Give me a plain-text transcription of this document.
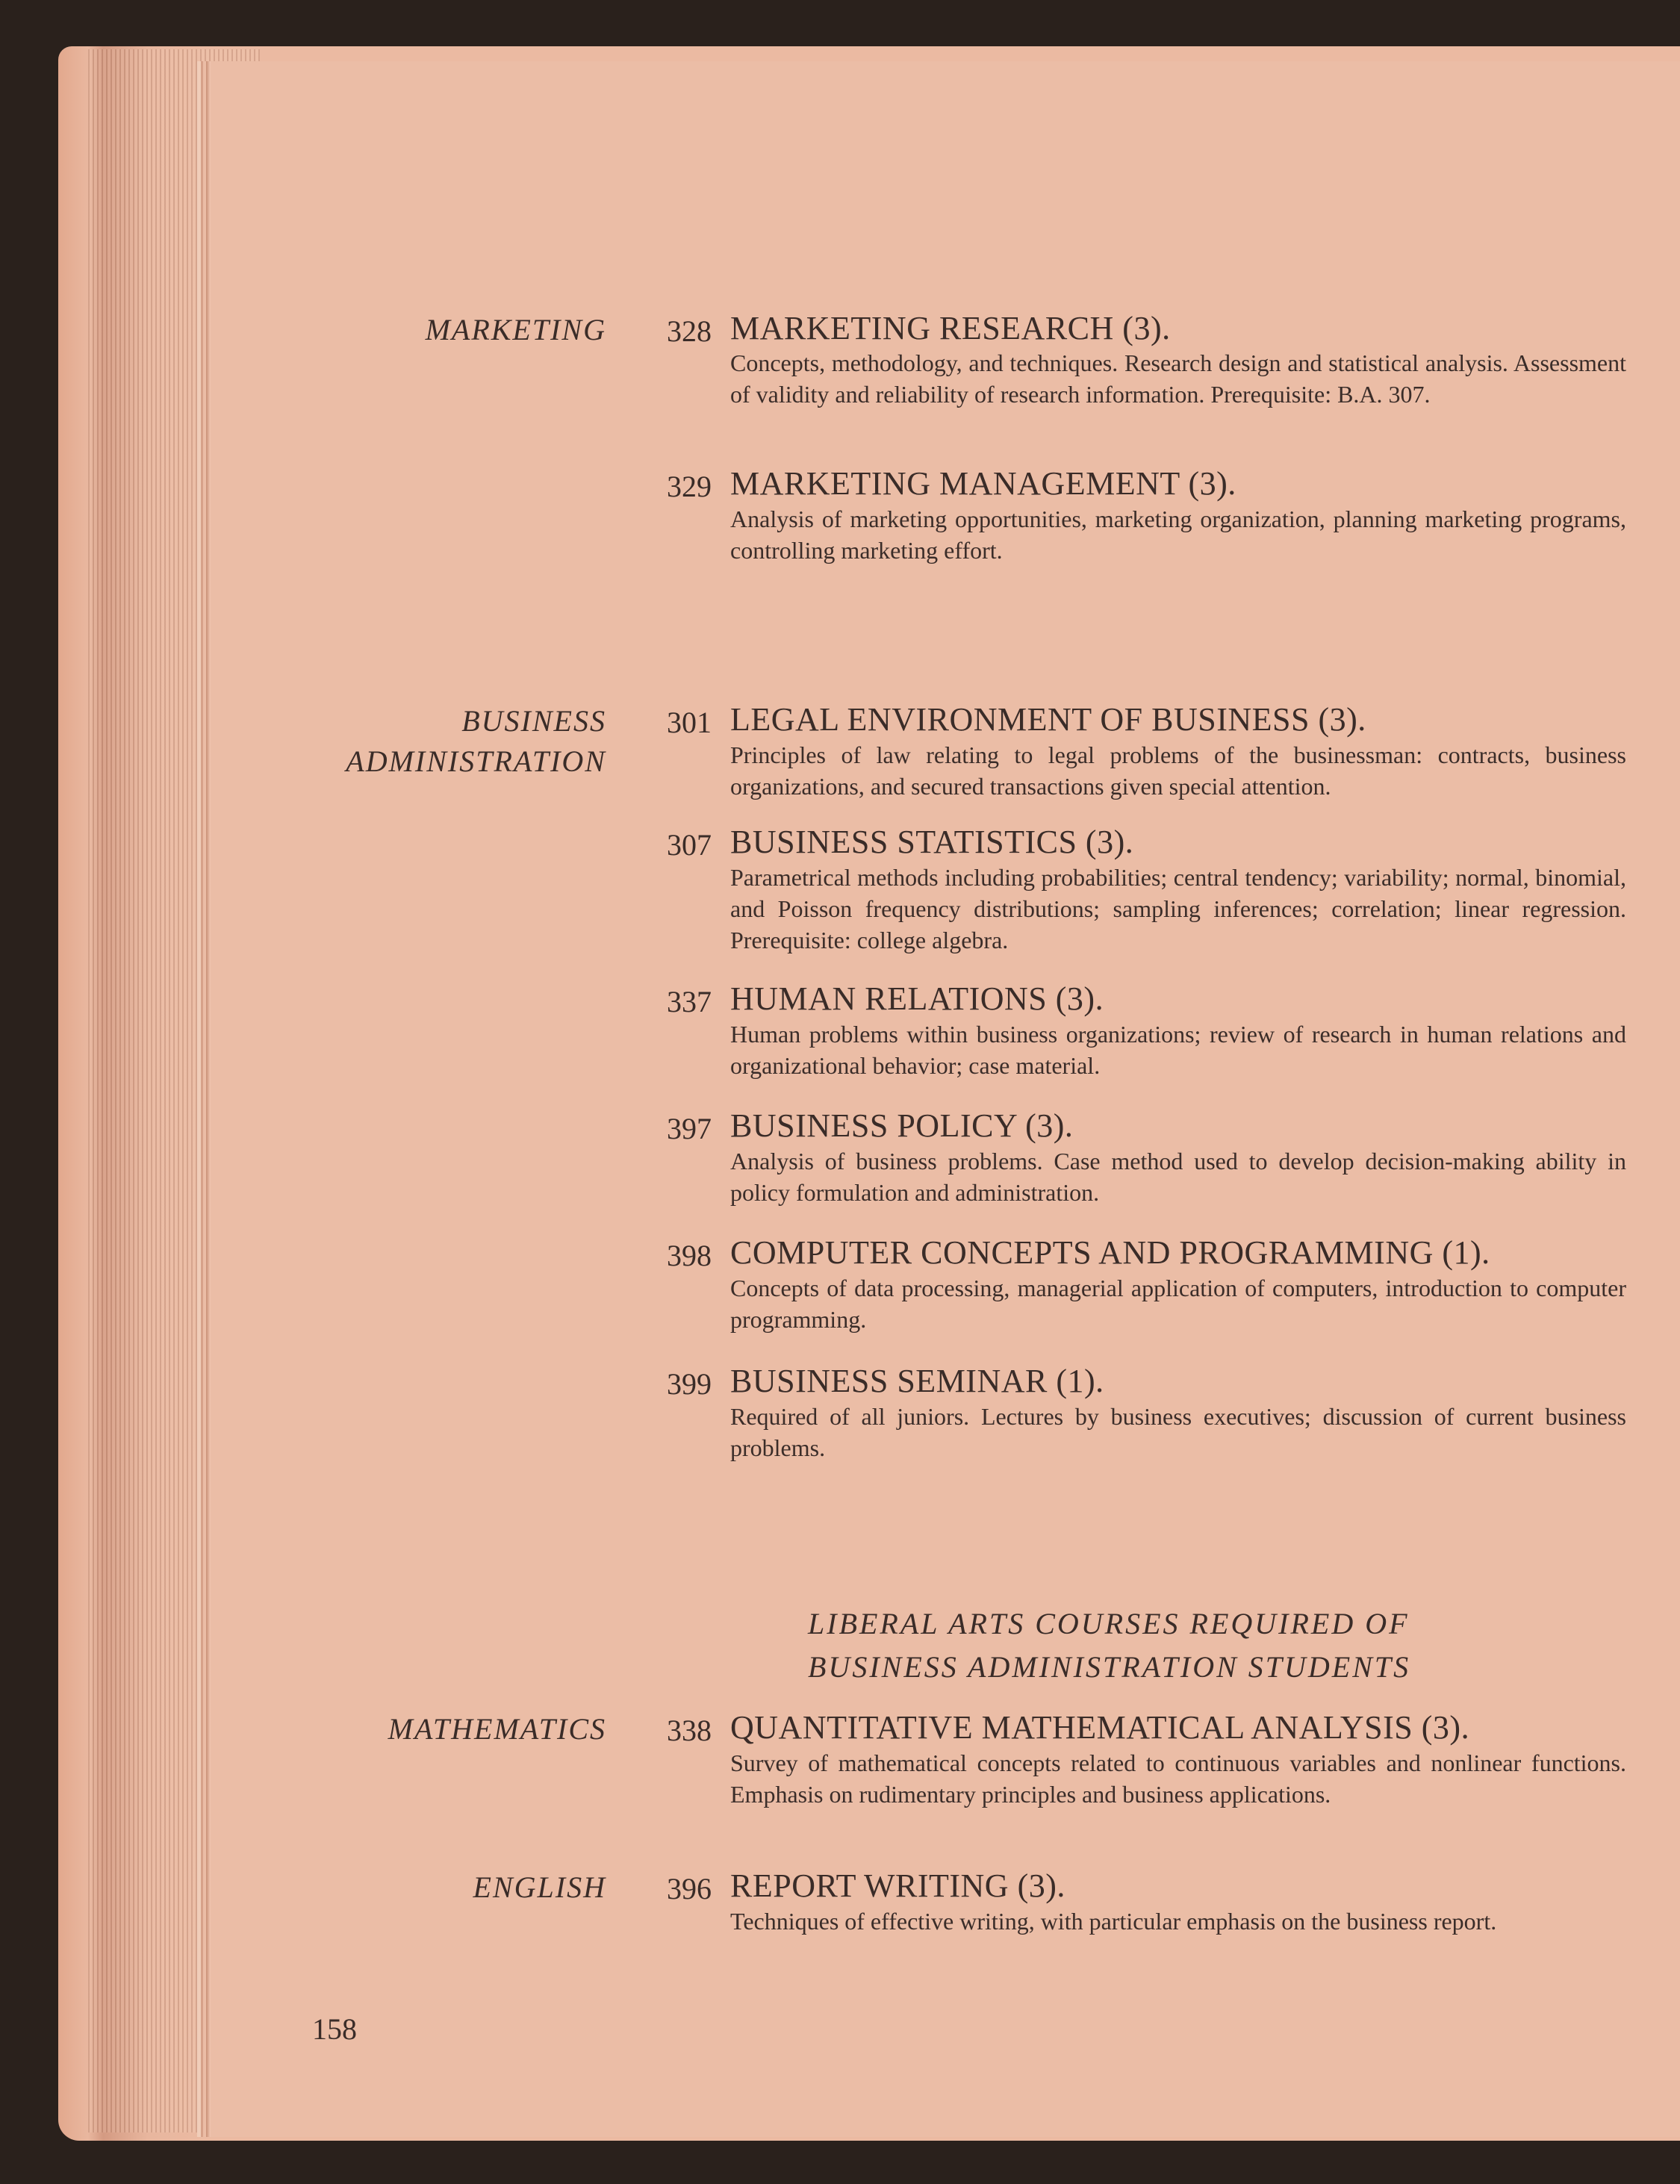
MARKETING
BUSINESS
ADMINISTRATION
MATHEMATICS
ENGLISH
328 MARKETING RESEARCH (3).
Concepts, methodology, and techniques. Research design and statistical analysis. Assessment of validity and reliability of research information. Prerequisite: B.A. 307.
329 MARKETING MANAGEMENT (3).
Analysis of marketing opportunities, marketing organization, planning marketing programs, controlling marketing effort.
301 LEGAL ENVIRONMENT OF BUSINESS (3).
Principles of law relating to legal problems of the businessman: contracts, business organizations, and secured transactions given special attention.
307 BUSINESS STATISTICS (3).
Parametrical methods including probabilities; central tendency; variability; normal, binomial, and Poisson frequency distributions; sampling inferences; correlation; linear regression. Prerequisite: college algebra.
337 HUMAN RELATIONS (3).
Human problems within business organizations; review of research in human relations and organizational behavior; case material.
397 BUSINESS POLICY (3).
Analysis of business problems. Case method used to develop decision-making ability in policy formulation and administration.
398 COMPUTER CONCEPTS AND PROGRAMMING (1).
Concepts of data processing, managerial application of computers, introduction to computer programming.
399 BUSINESS SEMINAR (1).
Required of all juniors. Lectures by business executives; discussion of current business problems.
LIBERAL ARTS COURSES REQUIRED OF
BUSINESS ADMINISTRATION STUDENTS
338 QUANTITATIVE MATHEMATICAL ANALYSIS (3).
Survey of mathematical concepts related to continuous variables and nonlinear functions. Emphasis on rudimentary principles and business applications.
396 REPORT WRITING (3).
Techniques of effective writing, with particular emphasis on the business report.
158
